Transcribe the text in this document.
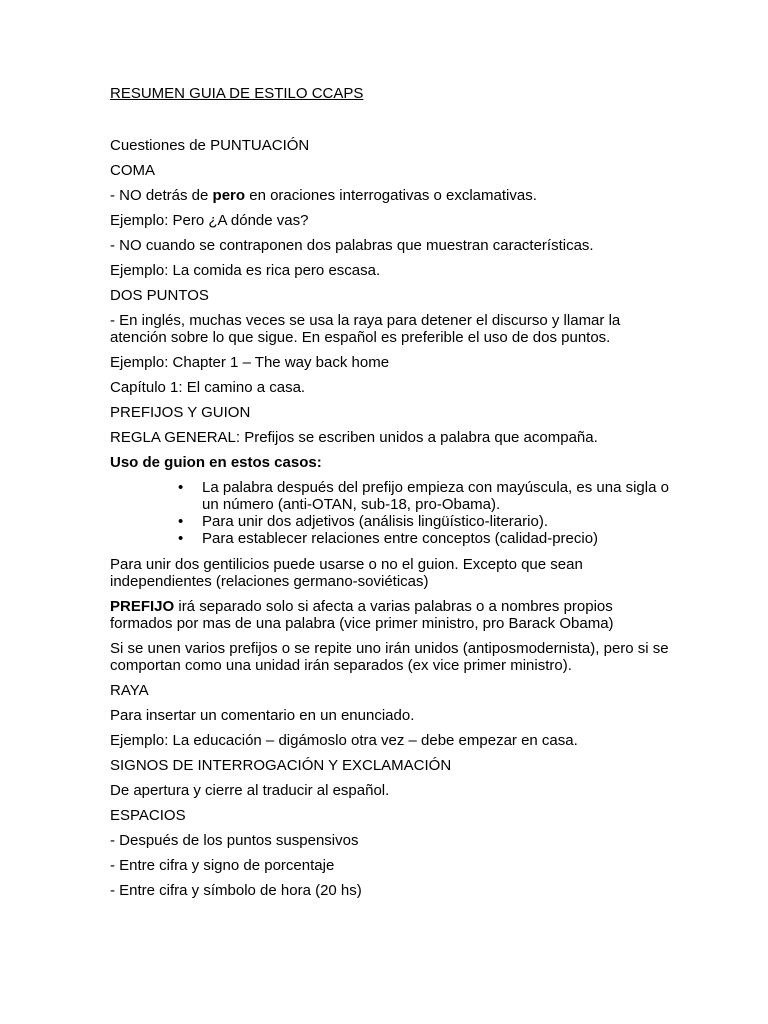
RESUMEN GUIA DE ESTILO CCAPS

Cuestiones de PUNTUACIÓN

COMA

- NO detrás de pero en oraciones interrogativas o exclamativas.

Ejemplo: Pero ¿A dónde vas?

- NO cuando se contraponen dos palabras que muestran características.

Ejemplo: La comida es rica pero escasa.

DOS PUNTOS

- En inglés, muchas veces se usa la raya para detener el discurso y llamar la atención sobre lo que sigue. En español es preferible el uso de dos puntos.

Ejemplo: Chapter 1 – The way back home

Capítulo 1: El camino a casa.

PREFIJOS Y GUION

REGLA GENERAL: Prefijos se escriben unidos a palabra que acompaña.

Uso de guion en estos casos:

• La palabra después del prefijo empieza con mayúscula, es una sigla o un número (anti-OTAN, sub-18, pro-Obama).
• Para unir dos adjetivos (análisis lingüístico-literario).
• Para establecer relaciones entre conceptos (calidad-precio)

Para unir dos gentilicios puede usarse o no el guion. Excepto que sean independientes (relaciones germano-soviéticas)

PREFIJO irá separado solo si afecta a varias palabras o a nombres propios formados por mas de una palabra (vice primer ministro, pro Barack Obama)

Si se unen varios prefijos o se repite uno irán unidos (antiposmodernista), pero si se comportan como una unidad irán separados (ex vice primer ministro).

RAYA

Para insertar un comentario en un enunciado.

Ejemplo: La educación – digámoslo otra vez – debe empezar en casa.

SIGNOS DE INTERROGACIÓN Y EXCLAMACIÓN

De apertura y cierre al traducir al español.

ESPACIOS

- Después de los puntos suspensivos

- Entre cifra y signo de porcentaje

- Entre cifra y símbolo de hora (20 hs)
